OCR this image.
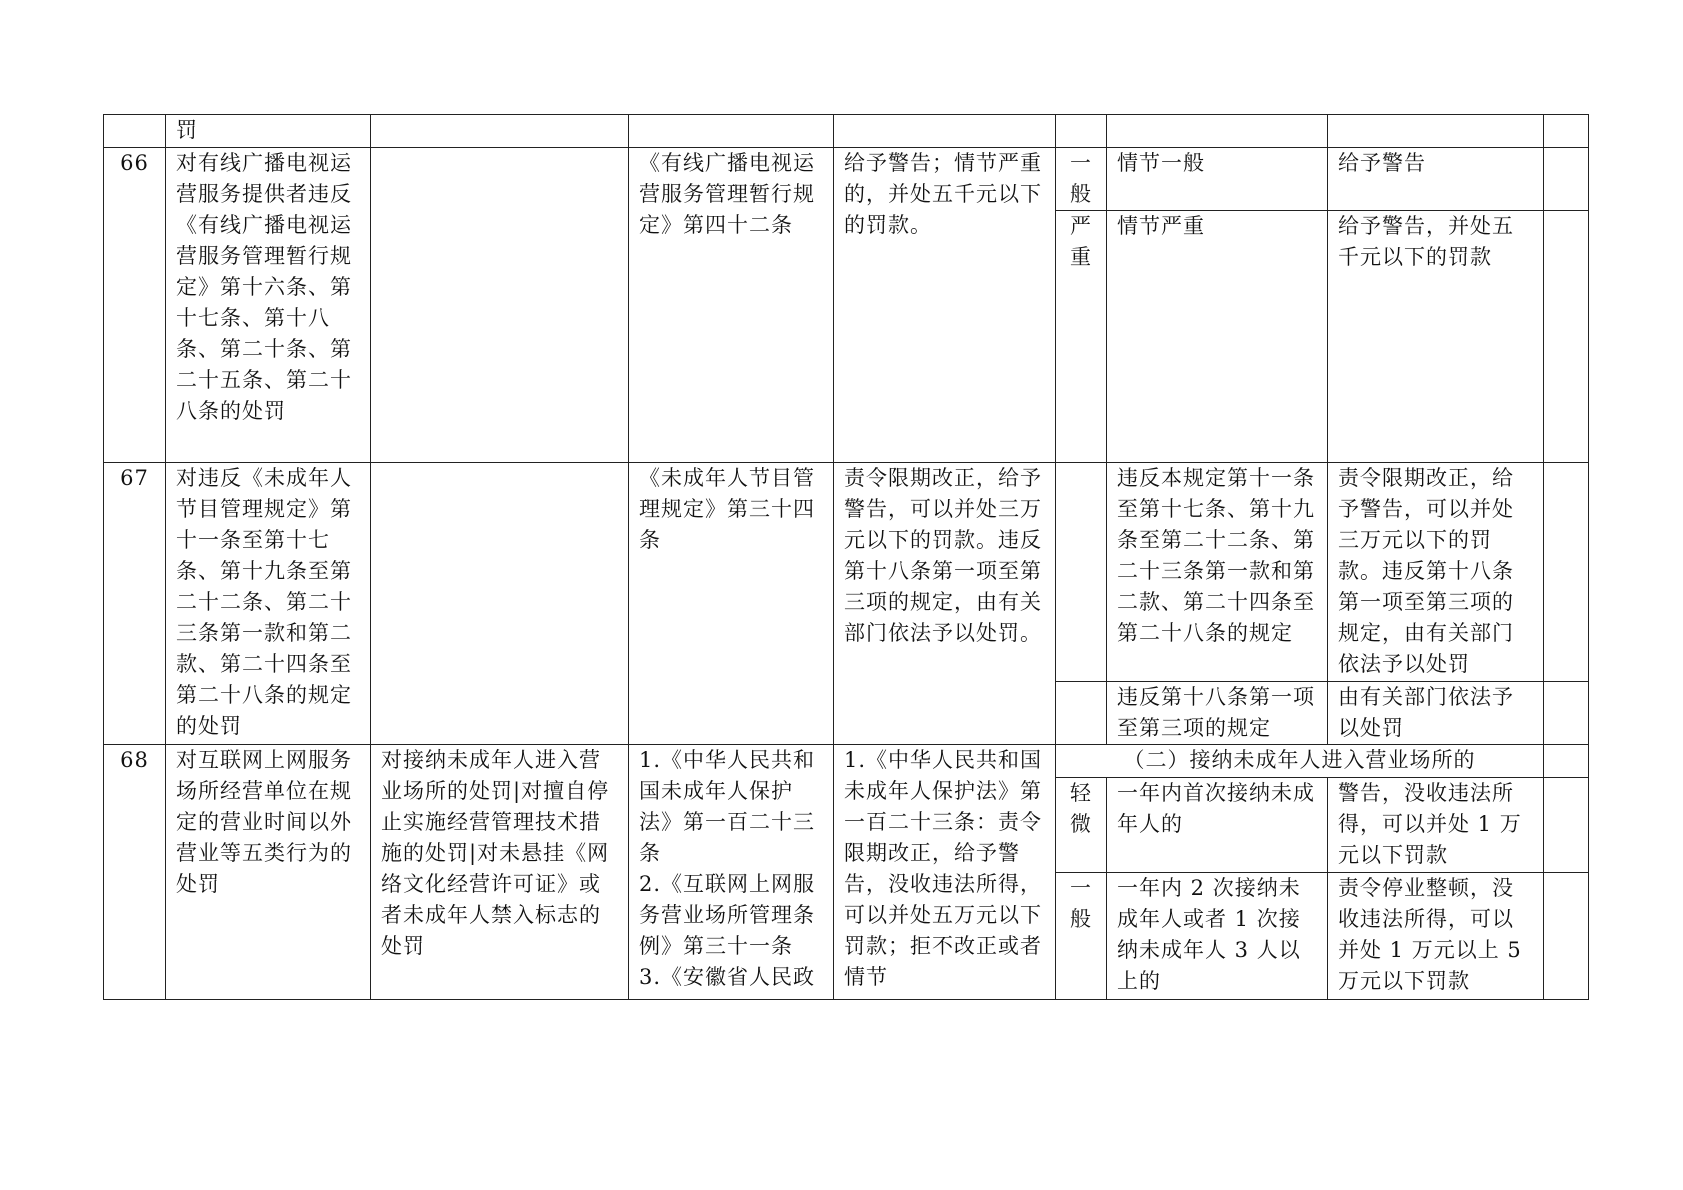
	罚							
66	对有线广播电视运营服务提供者违反《有线广播电视运营服务管理暂行规定》第十六条、第十七条、第十八条、第二十条、第二十五条、第二十八条的处罚		《有线广播电视运营服务管理暂行规定》第四十二条	给予警告；情节严重的，并处五千元以下的罚款。	一般	情节一般	给予警告	
					严重	情节严重	给予警告，并处五千元以下的罚款	
67	对违反《未成年人节目管理规定》第十一条至第十七条、第十九条至第二十二条、第二十三条第一款和第二款、第二十四条至第二十八条的规定的处罚		《未成年人节目管理规定》第三十四条	责令限期改正，给予警告，可以并处三万元以下的罚款。违反第十八条第一项至第三项的规定，由有关部门依法予以处罚。		违反本规定第十一条至第十七条、第十九条至第二十二条、第二十三条第一款和第二款、第二十四条至第二十八条的规定	责令限期改正，给予警告，可以并处三万元以下的罚款。违反第十八条第一项至第三项的规定，由有关部门依法予以处罚	
						违反第十八条第一项至第三项的规定	由有关部门依法予以处罚	
68	对互联网上网服务场所经营单位在规定的营业时间以外营业等五类行为的处罚	对接纳未成年人进入营业场所的处罚|对擅自停止实施经营管理技术措施的处罚|对未悬挂《网络文化经营许可证》或者未成年人禁入标志的处罚	1.《中华人民共和国未成年人保护法》第一百二十三条
2.《互联网上网服务营业场所管理条例》第三十一条
3.《安徽省人民政	1.《中华人民共和国未成年人保护法》第一百二十三条：责令限期改正，给予警告，没收违法所得，可以并处五万元以下罚款；拒不改正或者情节	（二）接纳未成年人进入营业场所的			
					轻微	一年内首次接纳未成年人的	警告，没收违法所得，可以并处 1 万元以下罚款	
					一般	一年内 2 次接纳未成年人或者 1 次接纳未成年人 3 人以上的	责令停业整顿，没收违法所得，可以并处 1 万元以上 5 万元以下罚款	
